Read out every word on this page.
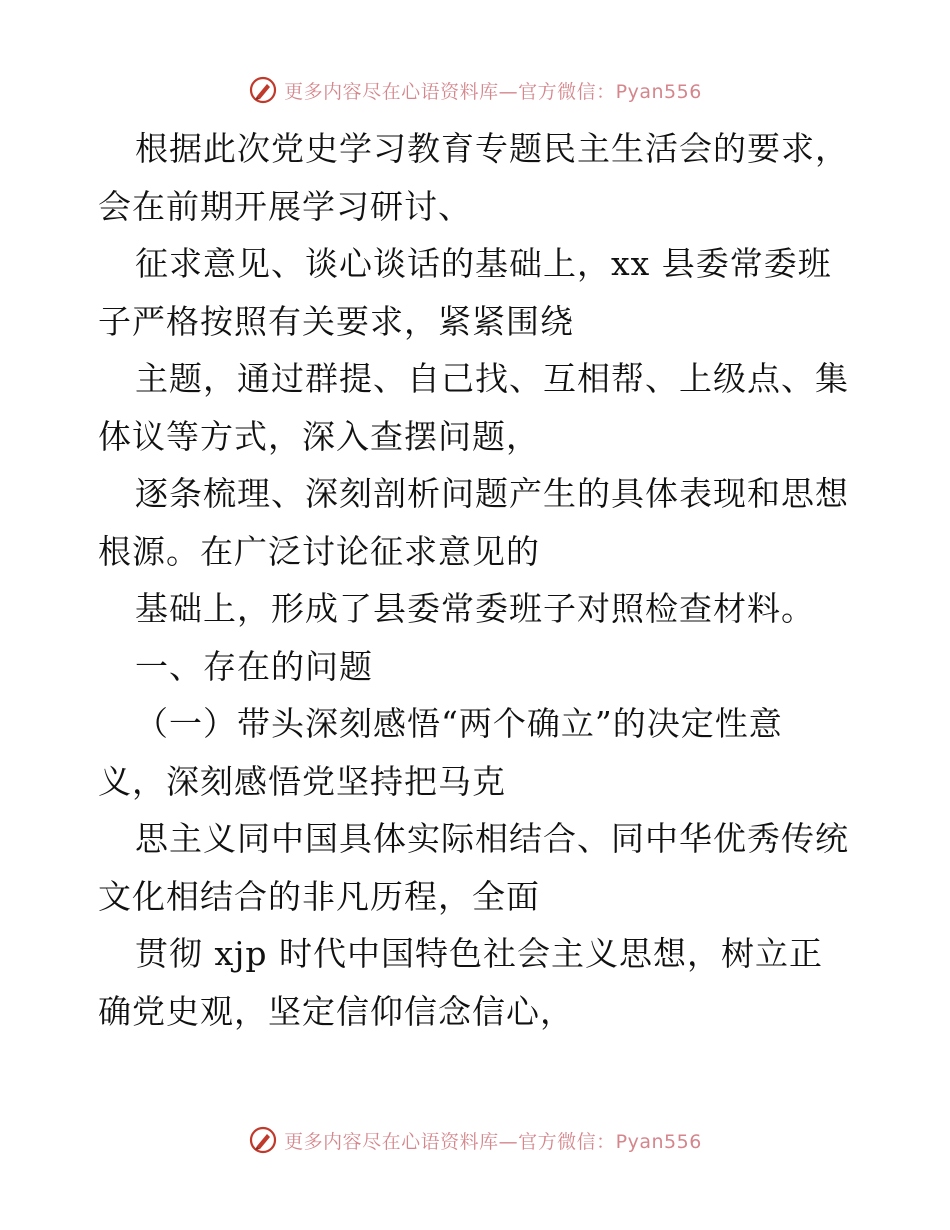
更多内容尽在心语资料库—官方微信：Pyan556
根据此次党史学习教育专题民主生活会的要求，
会在前期开展学习研讨、
征求意见、谈心谈话的基础上，xx 县委常委班
子严格按照有关要求，紧紧围绕
主题，通过群提、自己找、互相帮、上级点、集
体议等方式，深入查摆问题，
逐条梳理、深刻剖析问题产生的具体表现和思想
根源。在广泛讨论征求意见的
基础上，形成了县委常委班子对照检查材料。
一、存在的问题
（一）带头深刻感悟“两个确立”的决定性意
义，深刻感悟党坚持把马克
思主义同中国具体实际相结合、同中华优秀传统
文化相结合的非凡历程，全面
贯彻 xjp 时代中国特色社会主义思想，树立正
确党史观，坚定信仰信念信心，
更多内容尽在心语资料库—官方微信：Pyan556
